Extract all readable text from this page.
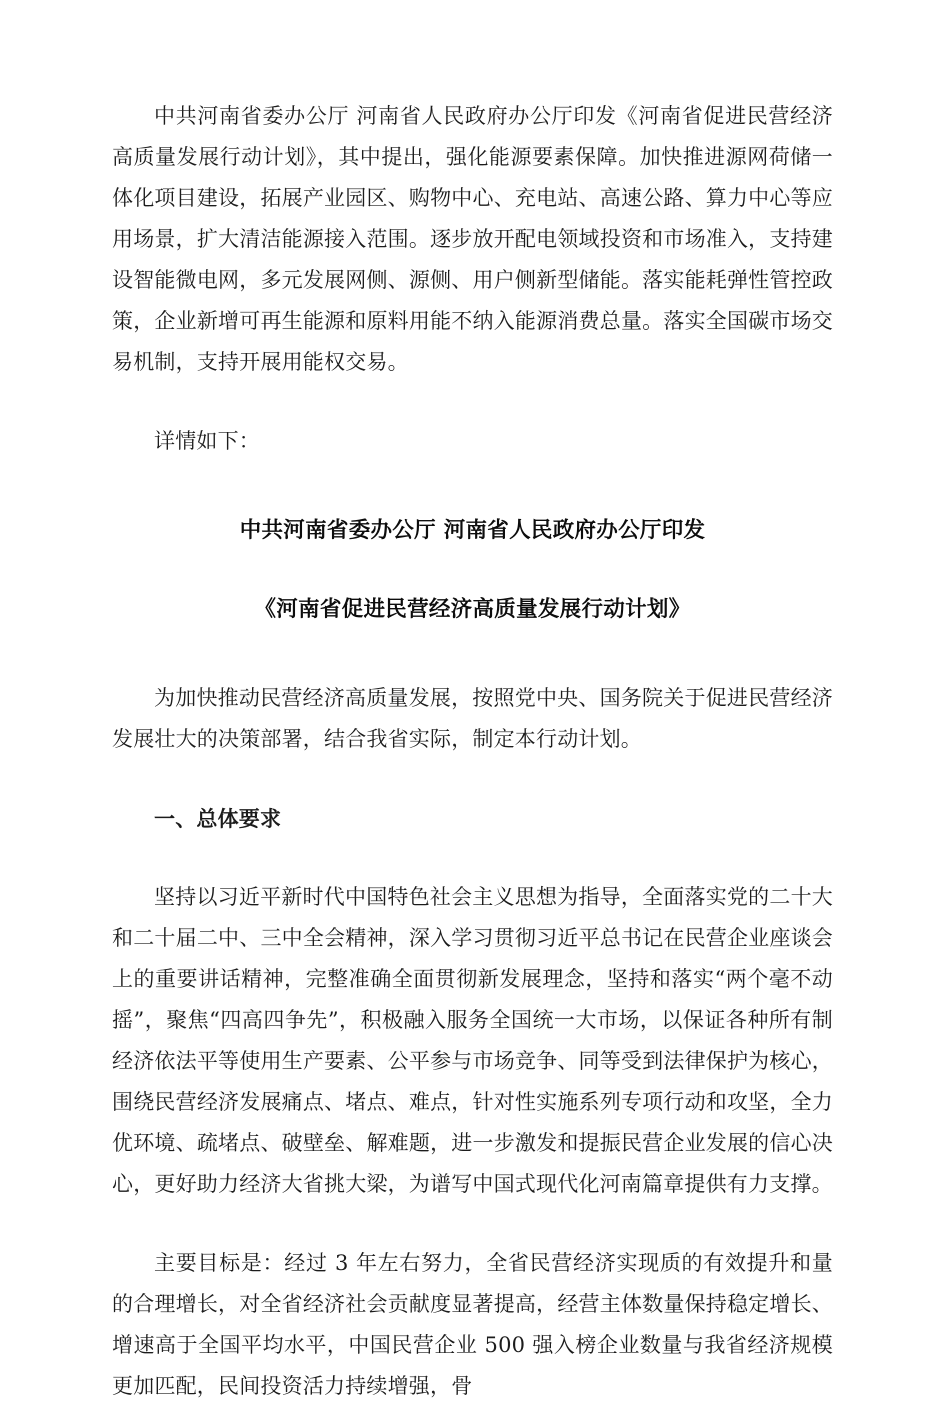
中共河南省委办公厅 河南省人民政府办公厅印发《河南省促进民营经济高质量发展行动计划》，其中提出，强化能源要素保障。加快推进源网荷储一体化项目建设，拓展产业园区、购物中心、充电站、高速公路、算力中心等应用场景，扩大清洁能源接入范围。逐步放开配电领域投资和市场准入，支持建设智能微电网，多元发展网侧、源侧、用户侧新型储能。落实能耗弹性管控政策，企业新增可再生能源和原料用能不纳入能源消费总量。落实全国碳市场交易机制，支持开展用能权交易。

详情如下：

中共河南省委办公厅 河南省人民政府办公厅印发
《河南省促进民营经济高质量发展行动计划》

为加快推动民营经济高质量发展，按照党中央、国务院关于促进民营经济发展壮大的决策部署，结合我省实际，制定本行动计划。

一、总体要求

坚持以习近平新时代中国特色社会主义思想为指导，全面落实党的二十大和二十届二中、三中全会精神，深入学习贯彻习近平总书记在民营企业座谈会上的重要讲话精神，完整准确全面贯彻新发展理念，坚持和落实“两个毫不动摇”，聚焦“四高四争先”，积极融入服务全国统一大市场，以保证各种所有制经济依法平等使用生产要素、公平参与市场竞争、同等受到法律保护为核心，围绕民营经济发展痛点、堵点、难点，针对性实施系列专项行动和攻坚，全力优环境、疏堵点、破壁垒、解难题，进一步激发和提振民营企业发展的信心决心，更好助力经济大省挑大梁，为谱写中国式现代化河南篇章提供有力支撑。

主要目标是：经过 3 年左右努力，全省民营经济实现质的有效提升和量的合理增长，对全省经济社会贡献度显著提高，经营主体数量保持稳定增长、增速高于全国平均水平，中国民营企业 500 强入榜企业数量与我省经济规模更加匹配，民间投资活力持续增强，骨
